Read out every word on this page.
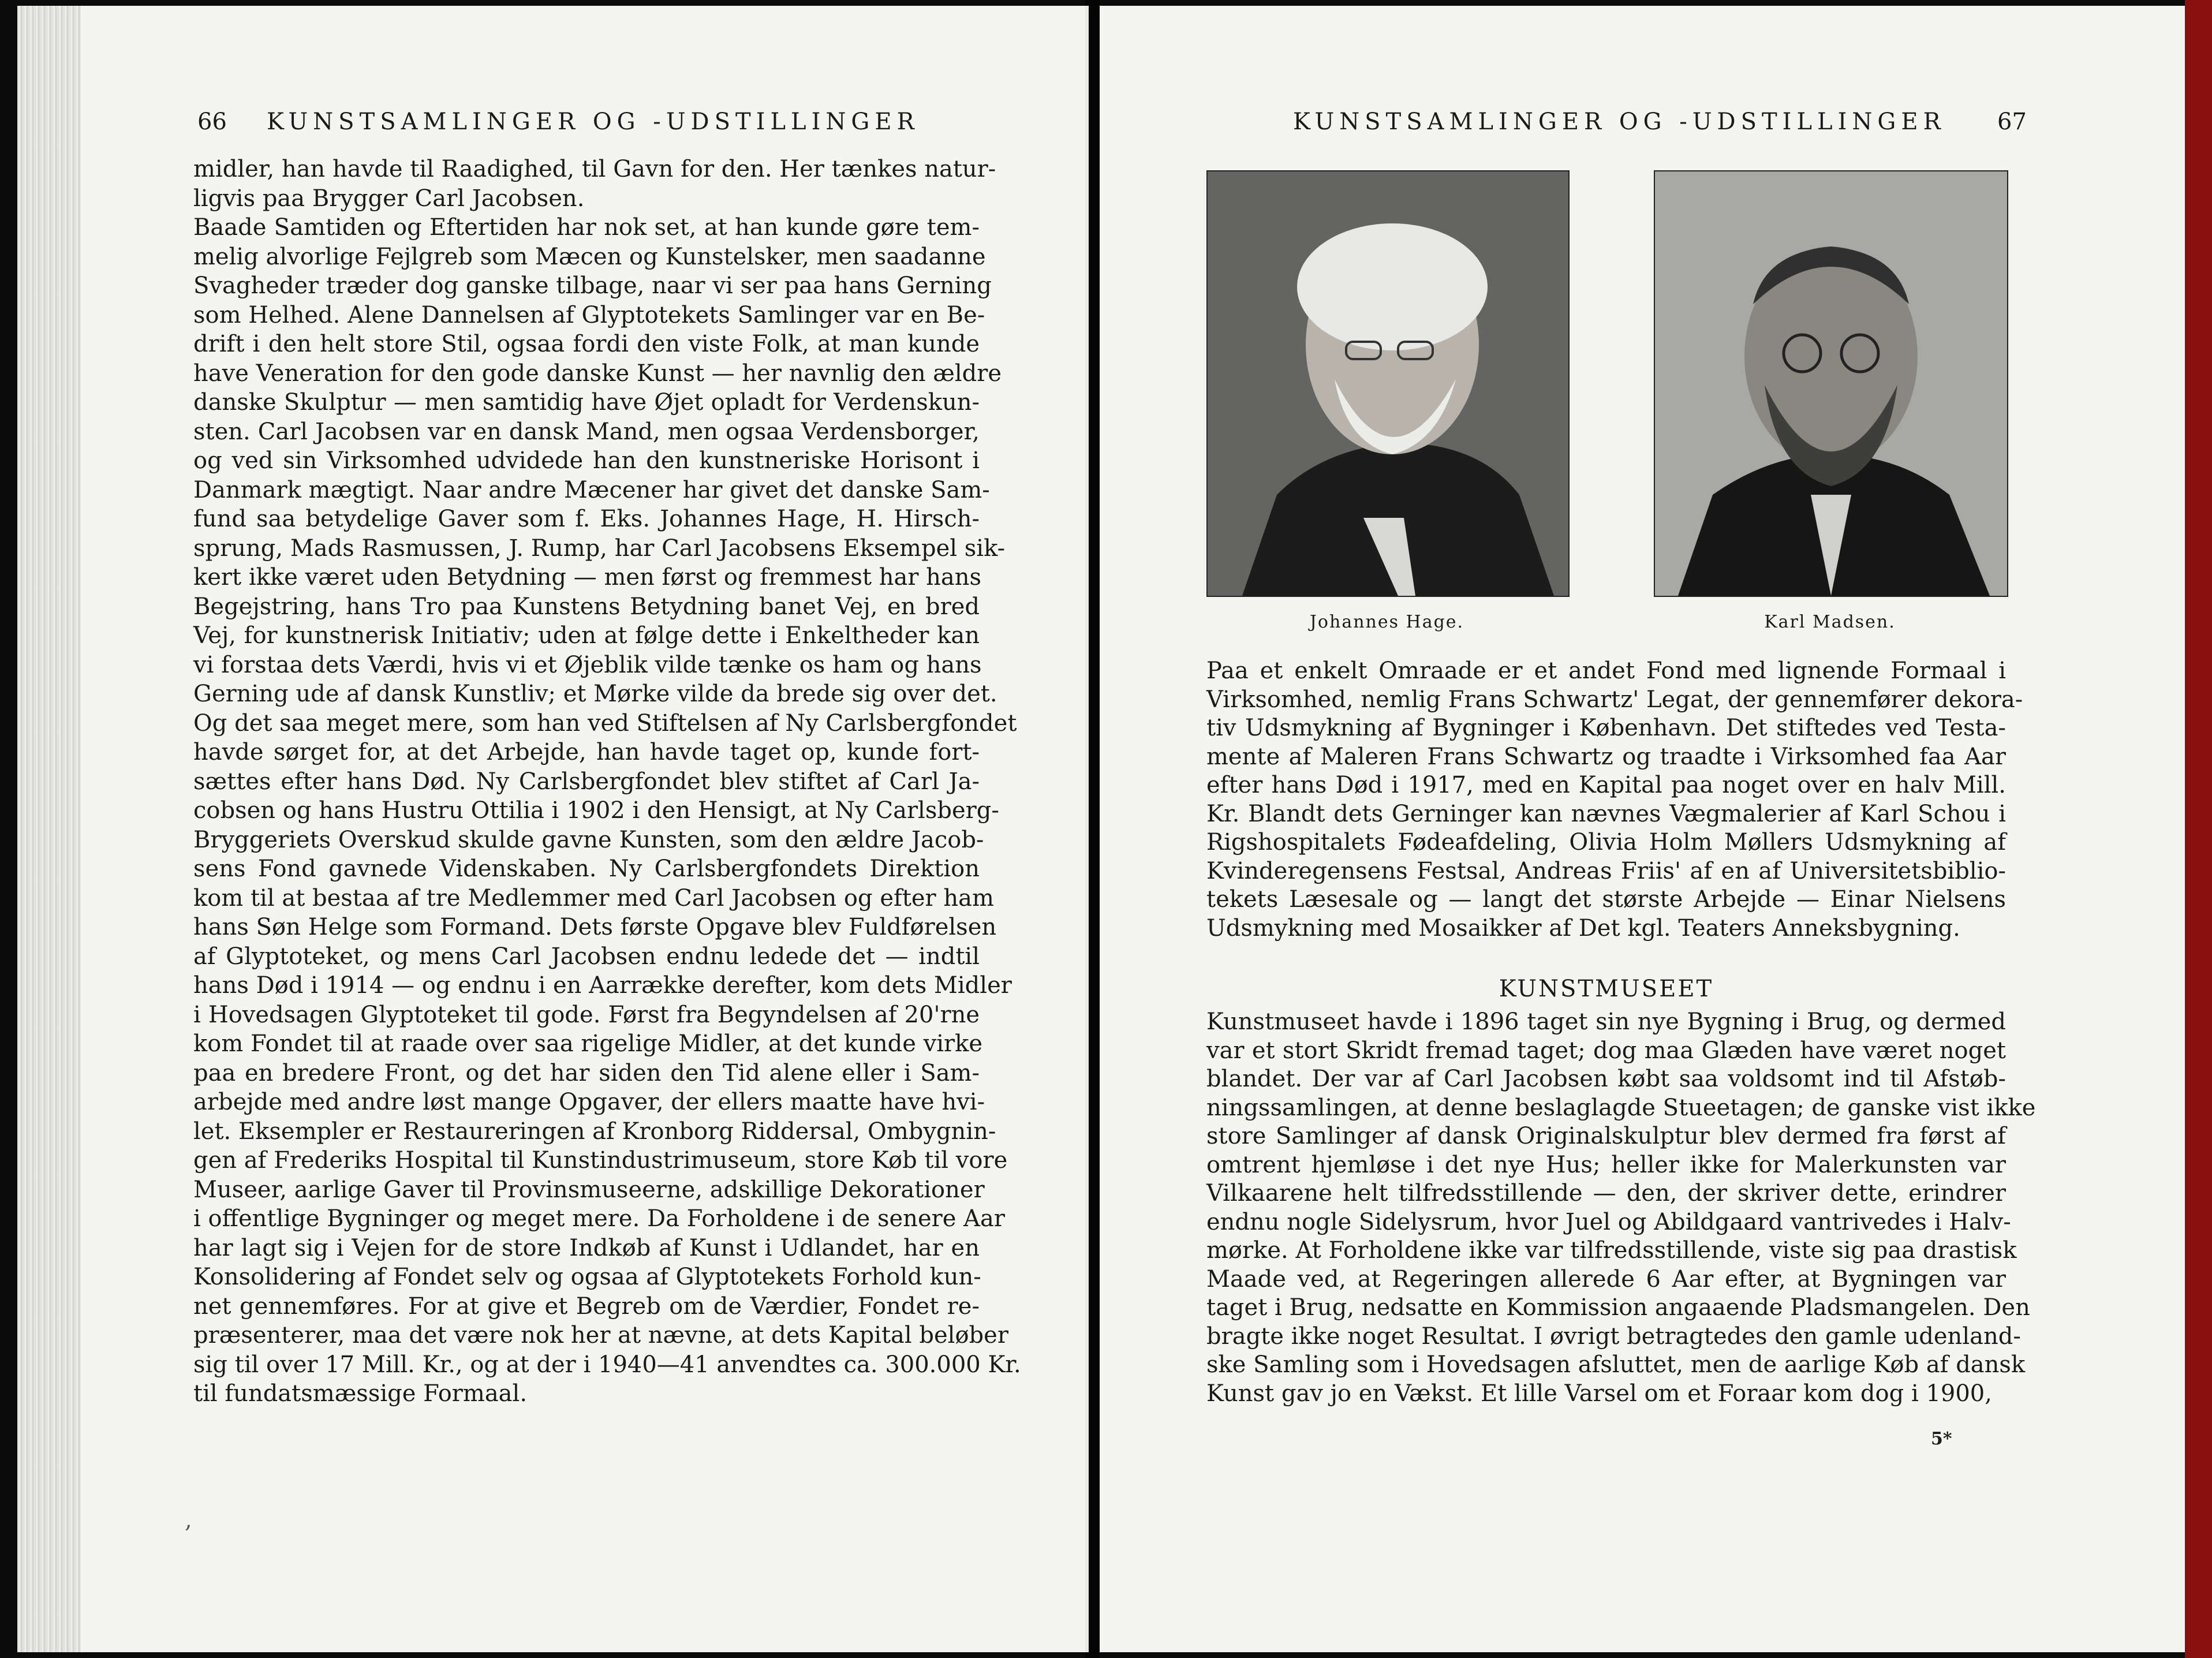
66 KUNSTSAMLINGER OG -UDSTILLINGER
midler, han havde til Raadighed, til Gavn for den. Her tænkes natur-
ligvis paa Brygger Carl Jacobsen.
Baade Samtiden og Eftertiden har nok set, at han kunde gøre tem-
melig alvorlige Fejlgreb som Mæcen og Kunstelsker, men saadanne
Svagheder træder dog ganske tilbage, naar vi ser paa hans Gerning
som Helhed. Alene Dannelsen af Glyptotekets Samlinger var en Be-
drift i den helt store Stil, ogsaa fordi den viste Folk, at man kunde
have Veneration for den gode danske Kunst — her navnlig den ældre
danske Skulptur — men samtidig have Øjet opladt for Verdenskun-
sten. Carl Jacobsen var en dansk Mand, men ogsaa Verdensborger,
og ved sin Virksomhed udvidede han den kunstneriske Horisont i
Danmark mægtigt. Naar andre Mæcener har givet det danske Sam-
fund saa betydelige Gaver som f. Eks. Johannes Hage, H. Hirsch-
sprung, Mads Rasmussen, J. Rump, har Carl Jacobsens Eksempel sik-
kert ikke været uden Betydning — men først og fremmest har hans
Begejstring, hans Tro paa Kunstens Betydning banet Vej, en bred
Vej, for kunstnerisk Initiativ; uden at følge dette i Enkeltheder kan
vi forstaa dets Værdi, hvis vi et Øjeblik vilde tænke os ham og hans
Gerning ude af dansk Kunstliv; et Mørke vilde da brede sig over det.
Og det saa meget mere, som han ved Stiftelsen af Ny Carlsbergfondet
havde sørget for, at det Arbejde, han havde taget op, kunde fort-
sættes efter hans Død. Ny Carlsbergfondet blev stiftet af Carl Ja-
cobsen og hans Hustru Ottilia i 1902 i den Hensigt, at Ny Carlsberg-
Bryggeriets Overskud skulde gavne Kunsten, som den ældre Jacob-
sens Fond gavnede Videnskaben. Ny Carlsbergfondets Direktion
kom til at bestaa af tre Medlemmer med Carl Jacobsen og efter ham
hans Søn Helge som Formand. Dets første Opgave blev Fuldførelsen
af Glyptoteket, og mens Carl Jacobsen endnu ledede det — indtil
hans Død i 1914 — og endnu i en Aarrække derefter, kom dets Midler
i Hovedsagen Glyptoteket til gode. Først fra Begyndelsen af 20'rne
kom Fondet til at raade over saa rigelige Midler, at det kunde virke
paa en bredere Front, og det har siden den Tid alene eller i Sam-
arbejde med andre løst mange Opgaver, der ellers maatte have hvi-
let. Eksempler er Restaureringen af Kronborg Riddersal, Ombygnin-
gen af Frederiks Hospital til Kunstindustrimuseum, store Køb til vore
Museer, aarlige Gaver til Provinsmuseerne, adskillige Dekorationer
i offentlige Bygninger og meget mere. Da Forholdene i de senere Aar
har lagt sig i Vejen for de store Indkøb af Kunst i Udlandet, har en
Konsolidering af Fondet selv og ogsaa af Glyptotekets Forhold kun-
net gennemføres. For at give et Begreb om de Værdier, Fondet re-
præsenterer, maa det være nok her at nævne, at dets Kapital beløber
sig til over 17 Mill. Kr., og at der i 1940—41 anvendtes ca. 300.000 Kr.
til fundatsmæssige Formaal.
,
KUNSTSAMLINGER OG -UDSTILLINGER 67
Johannes Hage.	Karl Madsen.
Paa et enkelt Omraade er et andet Fond med lignende Formaal i
Virksomhed, nemlig Frans Schwartz' Legat, der gennemfører dekora-
tiv Udsmykning af Bygninger i København. Det stiftedes ved Testa-
mente af Maleren Frans Schwartz og traadte i Virksomhed faa Aar
efter hans Død i 1917, med en Kapital paa noget over en halv Mill.
Kr. Blandt dets Gerninger kan nævnes Vægmalerier af Karl Schou i
Rigshospitalets Fødeafdeling, Olivia Holm Møllers Udsmykning af
Kvinderegensens Festsal, Andreas Friis' af en af Universitetsbiblio-
tekets Læsesale og — langt det største Arbejde — Einar Nielsens
Udsmykning med Mosaikker af Det kgl. Teaters Anneksbygning.
KUNSTMUSEET
Kunstmuseet havde i 1896 taget sin nye Bygning i Brug, og dermed
var et stort Skridt fremad taget; dog maa Glæden have været noget
blandet. Der var af Carl Jacobsen købt saa voldsomt ind til Afstøb-
ningssamlingen, at denne beslaglagde Stueetagen; de ganske vist ikke
store Samlinger af dansk Originalskulptur blev dermed fra først af
omtrent hjemløse i det nye Hus; heller ikke for Malerkunsten var
Vilkaarene helt tilfredsstillende — den, der skriver dette, erindrer
endnu nogle Sidelysrum, hvor Juel og Abildgaard vantrivedes i Halv-
mørke. At Forholdene ikke var tilfredsstillende, viste sig paa drastisk
Maade ved, at Regeringen allerede 6 Aar efter, at Bygningen var
taget i Brug, nedsatte en Kommission angaaende Pladsmangelen. Den
bragte ikke noget Resultat. I øvrigt betragtedes den gamle udenland-
ske Samling som i Hovedsagen afsluttet, men de aarlige Køb af dansk
Kunst gav jo en Vækst. Et lille Varsel om et Foraar kom dog i 1900,
5*
